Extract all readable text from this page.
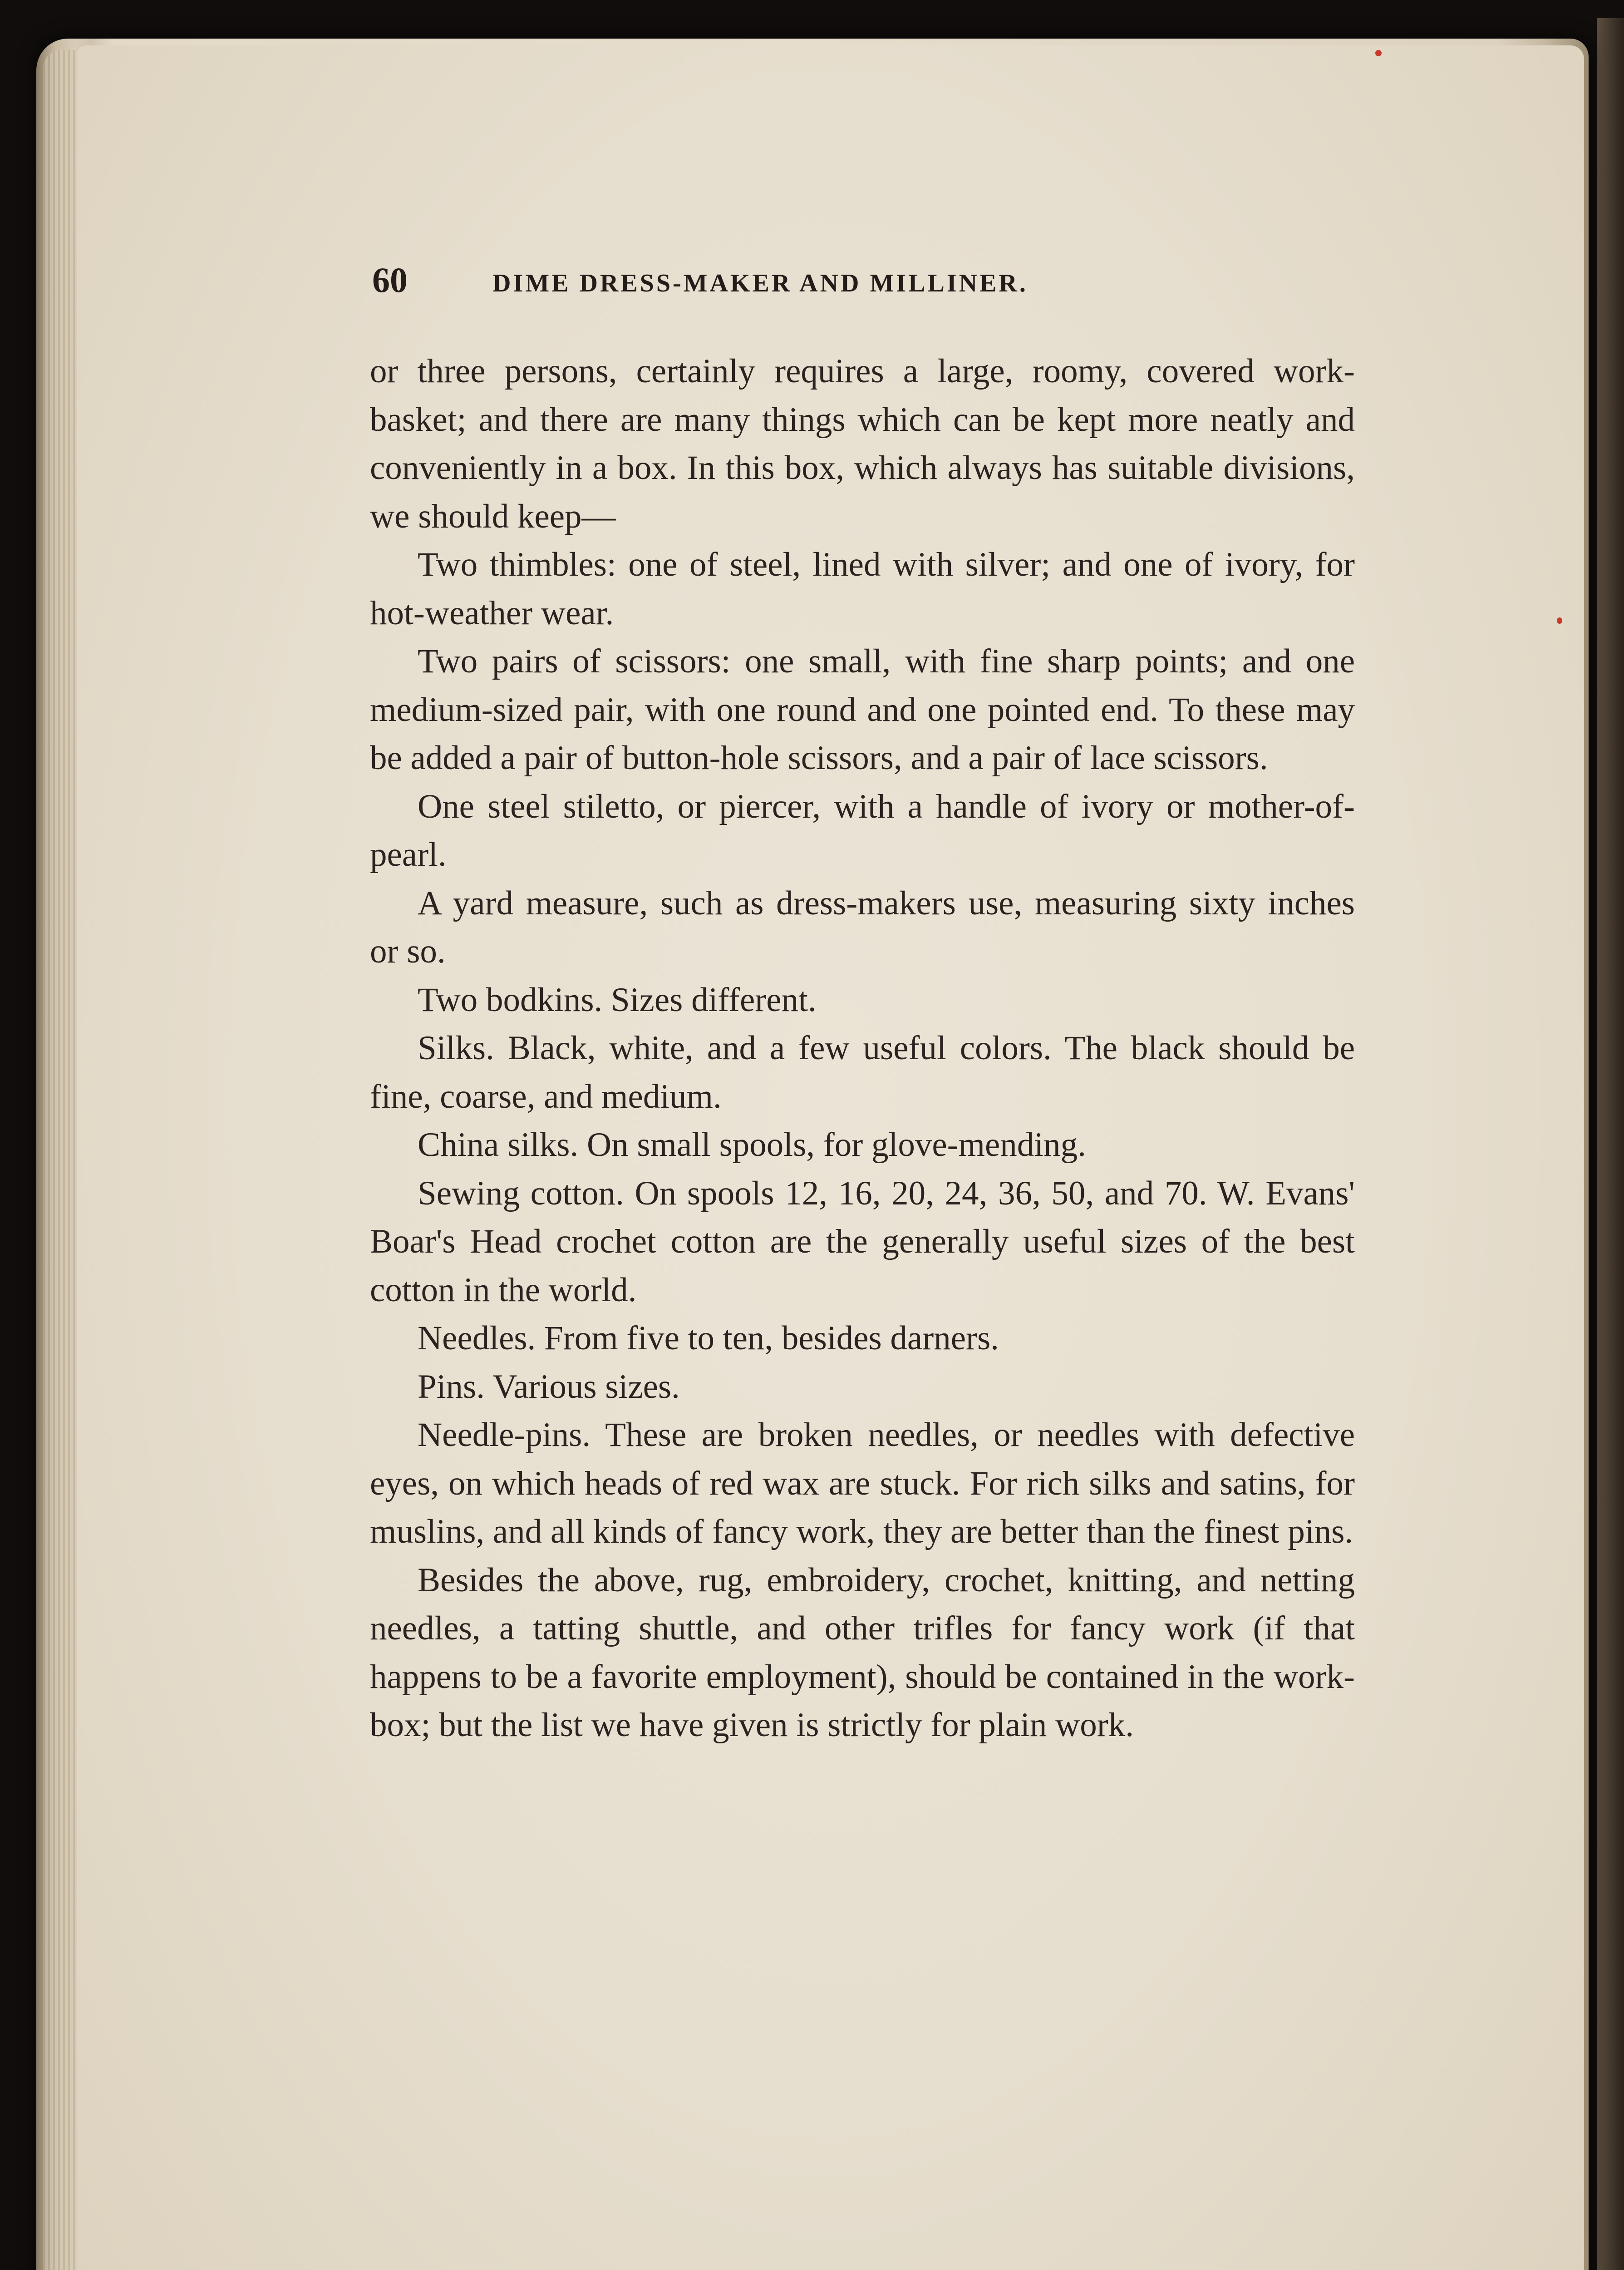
60	DIME DRESS-MAKER AND MILLINER.

or three persons, certainly requires a large, roomy, covered work-basket; and there are many things which can be kept more neatly and conveniently in a box. In this box, which always has suitable divisions, we should keep—

Two thimbles: one of steel, lined with silver; and one of ivory, for hot-weather wear.

Two pairs of scissors: one small, with fine sharp points; and one medium-sized pair, with one round and one pointed end. To these may be added a pair of button-hole scissors, and a pair of lace scissors.

One steel stiletto, or piercer, with a handle of ivory or mother-of-pearl.

A yard measure, such as dress-makers use, measuring sixty inches or so.

Two bodkins. Sizes different.

Silks. Black, white, and a few useful colors. The black should be fine, coarse, and medium.

China silks. On small spools, for glove-mending.

Sewing cotton. On spools 12, 16, 20, 24, 36, 50, and 70. W. Evans' Boar's Head crochet cotton are the generally useful sizes of the best cotton in the world.

Needles. From five to ten, besides darners.

Pins. Various sizes.

Needle-pins. These are broken needles, or needles with defective eyes, on which heads of red wax are stuck. For rich silks and satins, for muslins, and all kinds of fancy work, they are better than the finest pins.

Besides the above, rug, embroidery, crochet, knitting, and netting needles, a tatting shuttle, and other trifles for fancy work (if that happens to be a favorite employment), should be contained in the work-box; but the list we have given is strictly for plain work.
